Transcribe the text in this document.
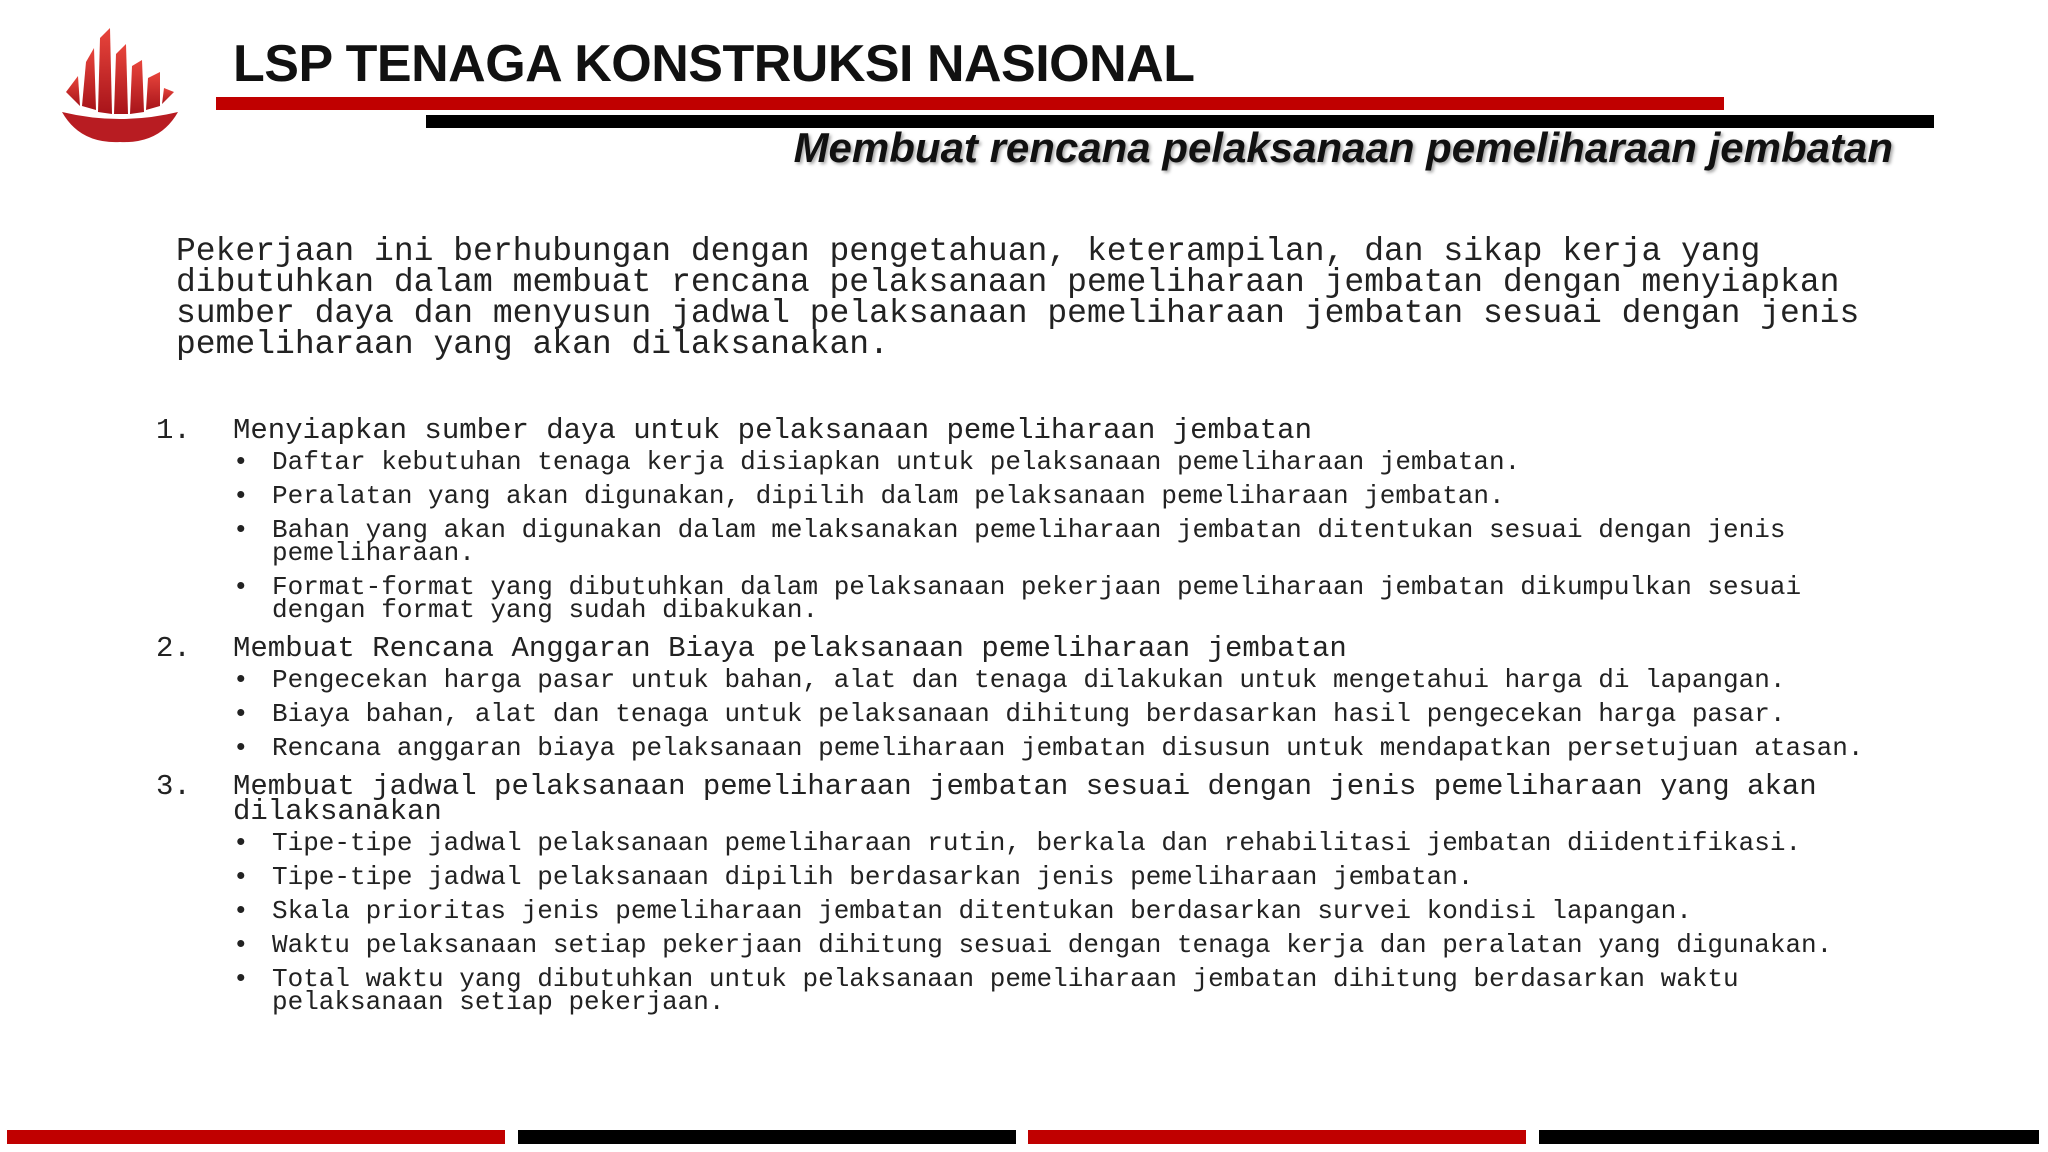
LSP TENAGA KONSTRUKSI NASIONAL
Membuat rencana pelaksanaan pemeliharaan jembatan

Pekerjaan ini berhubungan dengan pengetahuan, keterampilan, dan sikap kerja yang dibutuhkan dalam membuat rencana pelaksanaan pemeliharaan jembatan dengan menyiapkan sumber daya dan menyusun jadwal pelaksanaan pemeliharaan jembatan sesuai dengan jenis pemeliharaan yang akan dilaksanakan.

1.	Menyiapkan sumber daya untuk pelaksanaan pemeliharaan jembatan
• Daftar kebutuhan tenaga kerja disiapkan untuk pelaksanaan pemeliharaan jembatan.
• Peralatan yang akan digunakan, dipilih dalam pelaksanaan pemeliharaan jembatan.
• Bahan yang akan digunakan dalam melaksanakan pemeliharaan jembatan ditentukan sesuai dengan jenis pemeliharaan.
• Format-format yang dibutuhkan dalam pelaksanaan pekerjaan pemeliharaan jembatan dikumpulkan sesuai dengan format yang sudah dibakukan.
2.	Membuat Rencana Anggaran Biaya pelaksanaan pemeliharaan jembatan
• Pengecekan harga pasar untuk bahan, alat dan tenaga dilakukan untuk mengetahui harga di lapangan.
• Biaya bahan, alat dan tenaga untuk pelaksanaan dihitung berdasarkan hasil pengecekan harga pasar.
• Rencana anggaran biaya pelaksanaan pemeliharaan jembatan disusun untuk mendapatkan persetujuan atasan.
3.	Membuat jadwal pelaksanaan pemeliharaan jembatan sesuai dengan jenis pemeliharaan yang akan dilaksanakan
• Tipe-tipe jadwal pelaksanaan pemeliharaan rutin, berkala dan rehabilitasi jembatan diidentifikasi.
• Tipe-tipe jadwal pelaksanaan dipilih berdasarkan jenis pemeliharaan jembatan.
• Skala prioritas jenis pemeliharaan jembatan ditentukan berdasarkan survei kondisi lapangan.
• Waktu pelaksanaan setiap pekerjaan dihitung sesuai dengan tenaga kerja dan peralatan yang digunakan.
• Total waktu yang dibutuhkan untuk pelaksanaan pemeliharaan jembatan dihitung berdasarkan waktu pelaksanaan setiap pekerjaan.
